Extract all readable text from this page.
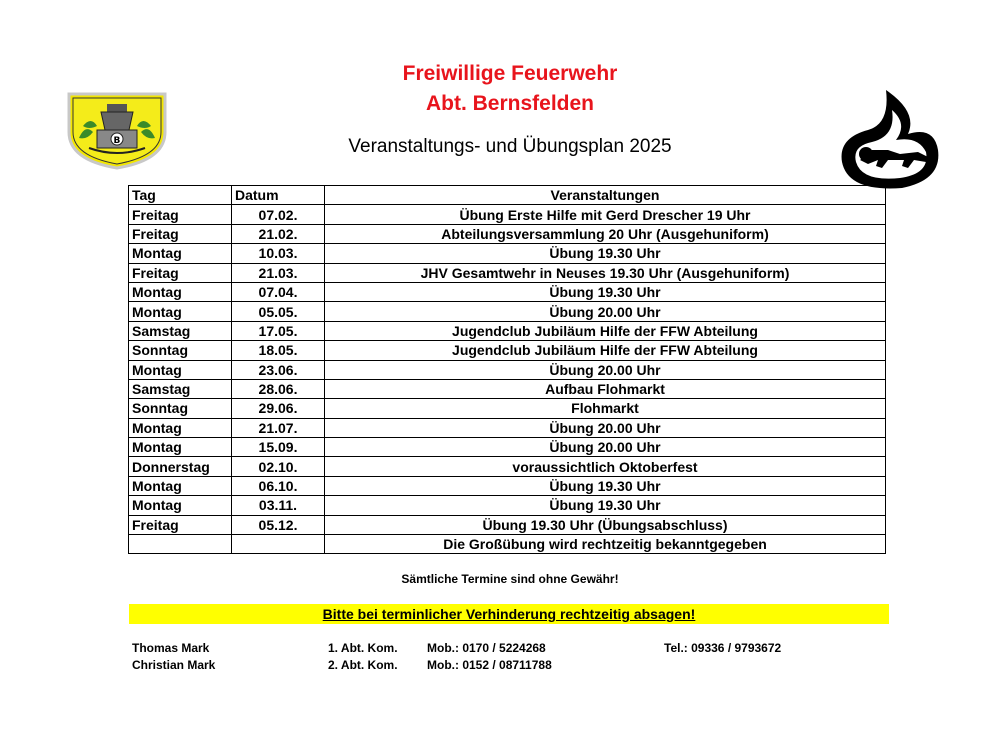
B
Freiwillige Feuerwehr
Abt. Bernsfelden
Veranstaltungs- und Übungsplan 2025
Tag	Datum	Veranstaltungen
Freitag	07.02.	Übung Erste Hilfe mit Gerd Drescher 19 Uhr
Freitag	21.02.	Abteilungsversammlung 20 Uhr (Ausgehuniform)
Montag	10.03.	Übung 19.30 Uhr
Freitag	21.03.	JHV Gesamtwehr in Neuses 19.30 Uhr (Ausgehuniform)
Montag	07.04.	Übung 19.30 Uhr
Montag	05.05.	Übung 20.00 Uhr
Samstag	17.05.	Jugendclub Jubiläum Hilfe der FFW Abteilung
Sonntag	18.05.	Jugendclub Jubiläum Hilfe der FFW Abteilung
Montag	23.06.	Übung 20.00 Uhr
Samstag	28.06.	Aufbau Flohmarkt
Sonntag	29.06.	Flohmarkt
Montag	21.07.	Übung 20.00 Uhr
Montag	15.09.	Übung 20.00 Uhr
Donnerstag	02.10.	voraussichtlich Oktoberfest
Montag	06.10.	Übung 19.30 Uhr
Montag	03.11.	Übung 19.30 Uhr
Freitag	05.12.	Übung 19.30 Uhr (Übungsabschluss)
		Die Großübung wird rechtzeitig bekanntgegeben
Sämtliche Termine sind ohne Gewähr!
Bitte bei terminlicher Verhinderung rechtzeitig absagen!
Thomas Mark	1. Abt. Kom. Mob.: 0170 / 5224268	Tel.: 09336 / 9793672
Christian Mark	2. Abt. Kom. Mob.: 0152 / 08711788
